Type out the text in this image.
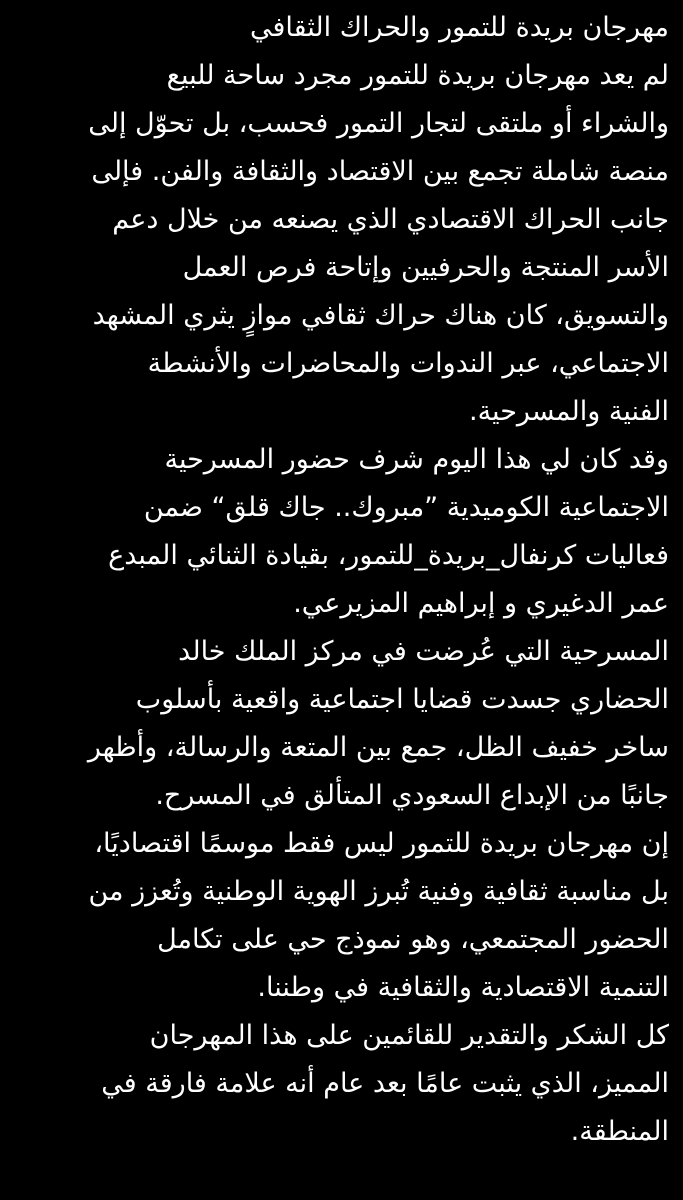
مهرجان بريدة للتمور والحراك الثقافي
لم يعد مهرجان بريدة للتمور مجرد ساحة للبيع
والشراء أو ملتقى لتجار التمور فحسب، بل تحوّل إلى
منصة شاملة تجمع بين الاقتصاد والثقافة والفن. فإلى
جانب الحراك الاقتصادي الذي يصنعه من خلال دعم
الأسر المنتجة والحرفيين وإتاحة فرص العمل
والتسويق، كان هناك حراك ثقافي موازٍ يثري المشهد
الاجتماعي، عبر الندوات والمحاضرات والأنشطة
الفنية والمسرحية.
وقد كان لي هذا اليوم شرف حضور المسرحية
الاجتماعية الكوميدية ”مبروك.. جاك قلق“ ضمن
فعاليات كرنفال_بريدة_للتمور، بقيادة الثنائي المبدع
عمر الدغيري و إبراهيم المزيرعي.
المسرحية التي عُرضت في مركز الملك خالد
الحضاري جسدت قضايا اجتماعية واقعية بأسلوب
ساخر خفيف الظل، جمع بين المتعة والرسالة، وأظهر
جانبًا من الإبداع السعودي المتألق في المسرح.
إن مهرجان بريدة للتمور ليس فقط موسمًا اقتصاديًا،
بل مناسبة ثقافية وفنية تُبرز الهوية الوطنية وتُعزز من
الحضور المجتمعي، وهو نموذج حي على تكامل
التنمية الاقتصادية والثقافية في وطننا.
كل الشكر والتقدير للقائمين على هذا المهرجان
المميز، الذي يثبت عامًا بعد عام أنه علامة فارقة في
المنطقة.
